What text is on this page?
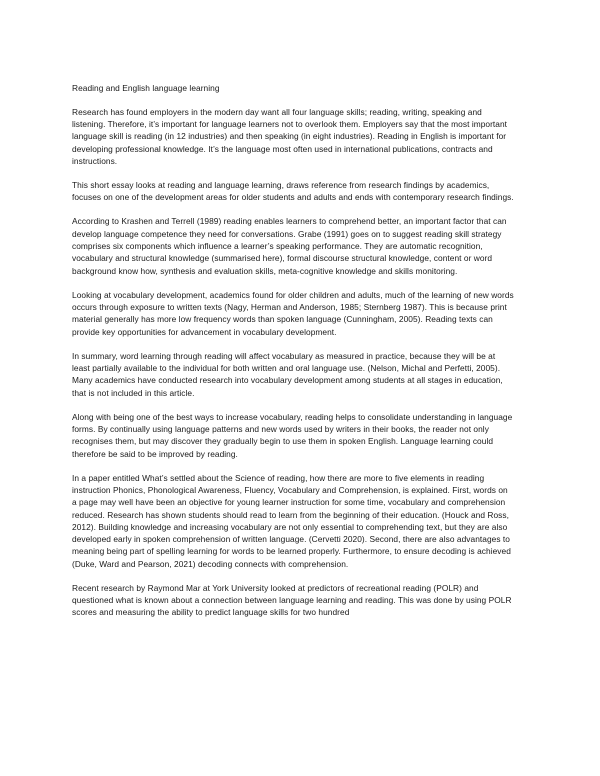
Reading and English language learning

Research has found employers in the modern day want all four language skills; reading, writing, speaking and listening. Therefore, it’s important for language learners not to overlook them. Employers say that the most important language skill is reading (in 12 industries) and then speaking (in eight industries). Reading in English is important for developing professional knowledge. It’s the language most often used in international publications, contracts and instructions.

This short essay looks at reading and language learning, draws reference from research findings by academics, focuses on one of the development areas for older students and adults and ends with contemporary research findings.

According to Krashen and Terrell (1989) reading enables learners to comprehend better, an important factor that can develop language competence they need for conversations. Grabe (1991) goes on to suggest reading skill strategy comprises six components which influence a learner’s speaking performance. They are automatic recognition, vocabulary and structural knowledge (summarised here), formal discourse structural knowledge, content or word background know how, synthesis and evaluation skills, meta-cognitive knowledge and skills monitoring.

Looking at vocabulary development, academics found for older children and adults, much of the learning of new words occurs through exposure to written texts (Nagy, Herman and Anderson, 1985; Sternberg 1987). This is because print material generally has more low frequency words than spoken language (Cunningham, 2005). Reading texts can provide key opportunities for advancement in vocabulary development.

In summary, word learning through reading will affect vocabulary as measured in practice, because they will be at least partially available to the individual for both written and oral language use. (Nelson, Michal and Perfetti, 2005). Many academics have conducted research into vocabulary development among students at all stages in education, that is not included in this article.

Along with being one of the best ways to increase vocabulary, reading helps to consolidate understanding in language forms. By continually using language patterns and new words used by writers in their books, the reader not only recognises them, but may discover they gradually begin to use them in spoken English. Language learning could therefore be said to be improved by reading.

In a paper entitled What’s settled about the Science of reading, how there are more to five elements in reading instruction Phonics, Phonological Awareness, Fluency, Vocabulary and Comprehension, is explained. First, words on a page may well have been an objective for young learner instruction for some time, vocabulary and comprehension reduced. Research has shown students should read to learn from the beginning of their education. (Houck and Ross, 2012). Building knowledge and increasing vocabulary are not only essential to comprehending text, but they are also developed early in spoken comprehension of written language. (Cervetti 2020). Second, there are also advantages to meaning being part of spelling learning for words to be learned properly. Furthermore, to ensure decoding is achieved (Duke, Ward and Pearson, 2021) decoding connects with comprehension.

Recent research by Raymond Mar at York University looked at predictors of recreational reading (POLR) and questioned what is known about a connection between language learning and reading. This was done by using POLR scores and measuring the ability to predict language skills for two hundred
